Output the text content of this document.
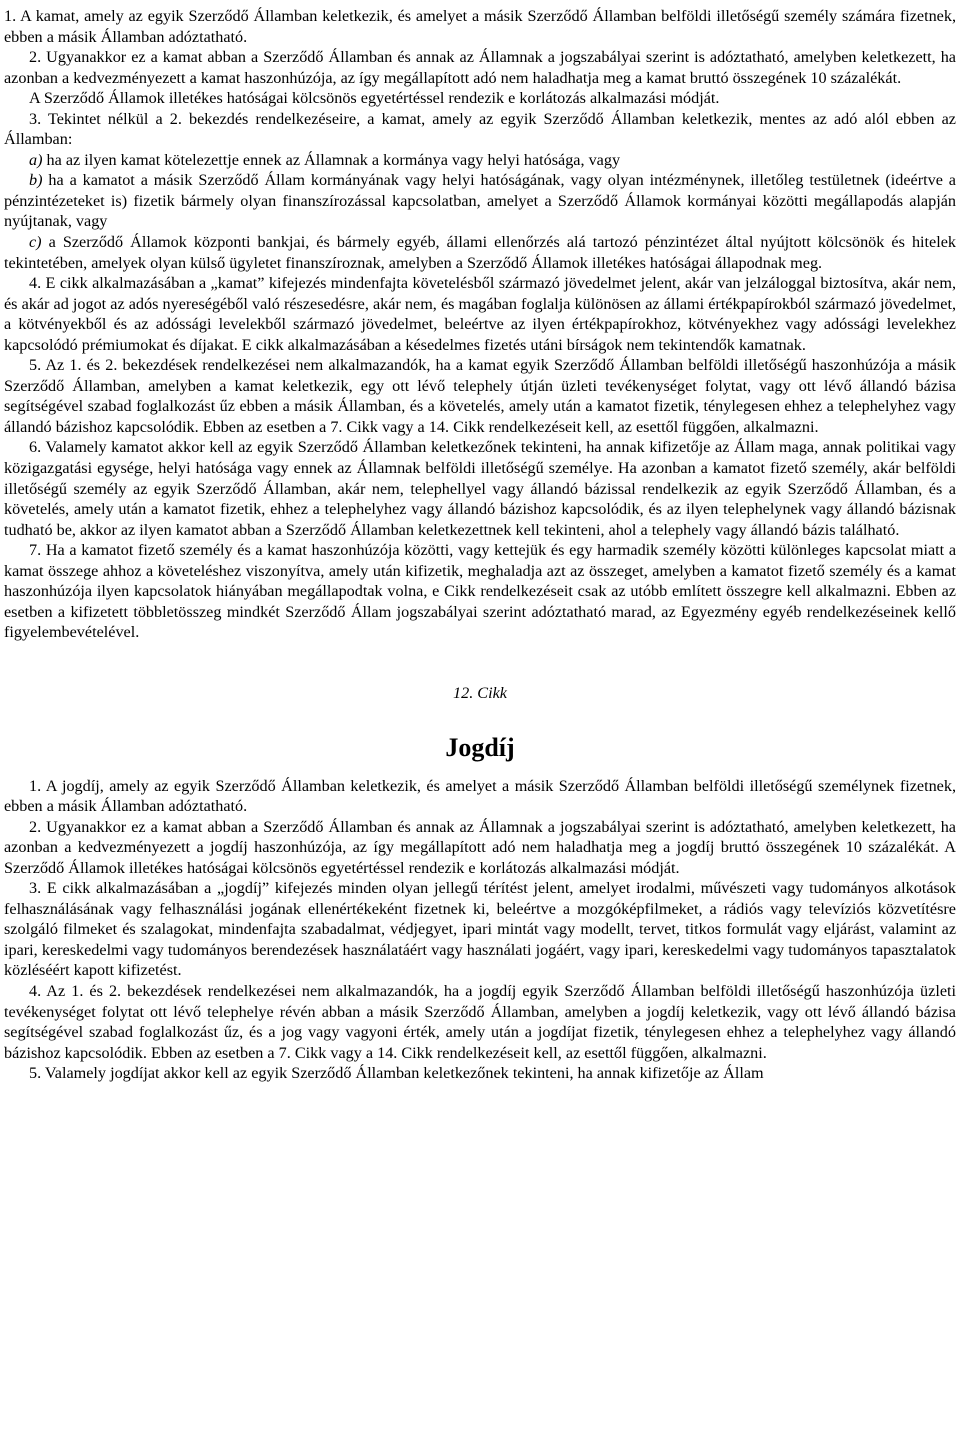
1. A kamat, amely az egyik Szerződő Államban keletkezik, és amelyet a másik Szerződő Államban belföldi illetőségű személy számára fizetnek, ebben a másik Államban adóztatható.

2. Ugyanakkor ez a kamat abban a Szerződő Államban és annak az Államnak a jogszabályai szerint is adóztatható, amelyben keletkezett, ha azonban a kedvezményezett a kamat haszonhúzója, az így megállapított adó nem haladhatja meg a kamat bruttó összegének 10 százalékát.

A Szerződő Államok illetékes hatóságai kölcsönös egyetértéssel rendezik e korlátozás alkalmazási módját.

3. Tekintet nélkül a 2. bekezdés rendelkezéseire, a kamat, amely az egyik Szerződő Államban keletkezik, mentes az adó alól ebben az Államban:

a) ha az ilyen kamat kötelezettje ennek az Államnak a kormánya vagy helyi hatósága, vagy

b) ha a kamatot a másik Szerződő Állam kormányának vagy helyi hatóságának, vagy olyan intézménynek, illetőleg testületnek (ideértve a pénzintézeteket is) fizetik bármely olyan finanszírozással kapcsolatban, amelyet a Szerződő Államok kormányai közötti megállapodás alapján nyújtanak, vagy

c) a Szerződő Államok központi bankjai, és bármely egyéb, állami ellenőrzés alá tartozó pénzintézet által nyújtott kölcsönök és hitelek tekintetében, amelyek olyan külső ügyletet finanszíroznak, amelyben a Szerződő Államok illetékes hatóságai állapodnak meg.

4. E cikk alkalmazásában a „kamat” kifejezés mindenfajta követelésből származó jövedelmet jelent, akár van jelzáloggal biztosítva, akár nem, és akár ad jogot az adós nyereségéből való részesedésre, akár nem, és magában foglalja különösen az állami értékpapírokból származó jövedelmet, a kötvényekből és az adóssági levelekből származó jövedelmet, beleértve az ilyen értékpapírokhoz, kötvényekhez vagy adóssági levelekhez kapcsolódó prémiumokat és díjakat. E cikk alkalmazásában a késedelmes fizetés utáni bírságok nem tekintendők kamatnak.

5. Az 1. és 2. bekezdések rendelkezései nem alkalmazandók, ha a kamat egyik Szerződő Államban belföldi illetőségű haszonhúzója a másik Szerződő Államban, amelyben a kamat keletkezik, egy ott lévő telephely útján üzleti tevékenységet folytat, vagy ott lévő állandó bázisa segítségével szabad foglalkozást űz ebben a másik Államban, és a követelés, amely után a kamatot fizetik, ténylegesen ehhez a telephelyhez vagy állandó bázishoz kapcsolódik. Ebben az esetben a 7. Cikk vagy a 14. Cikk rendelkezéseit kell, az esettől függően, alkalmazni.

6. Valamely kamatot akkor kell az egyik Szerződő Államban keletkezőnek tekinteni, ha annak kifizetője az Állam maga, annak politikai vagy közigazgatási egysége, helyi hatósága vagy ennek az Államnak belföldi illetőségű személye. Ha azonban a kamatot fizető személy, akár belföldi illetőségű személy az egyik Szerződő Államban, akár nem, telephellyel vagy állandó bázissal rendelkezik az egyik Szerződő Államban, és a követelés, amely után a kamatot fizetik, ehhez a telephelyhez vagy állandó bázishoz kapcsolódik, és az ilyen telephelynek vagy állandó bázisnak tudható be, akkor az ilyen kamatot abban a Szerződő Államban keletkezettnek kell tekinteni, ahol a telephely vagy állandó bázis található.

7. Ha a kamatot fizető személy és a kamat haszonhúzója közötti, vagy kettejük és egy harmadik személy közötti különleges kapcsolat miatt a kamat összege ahhoz a követeléshez viszonyítva, amely után kifizetik, meghaladja azt az összeget, amelyben a kamatot fizető személy és a kamat haszonhúzója ilyen kapcsolatok hiányában megállapodtak volna, e Cikk rendelkezéseit csak az utóbb említett összegre kell alkalmazni. Ebben az esetben a kifizetett többletösszeg mindkét Szerződő Állam jogszabályai szerint adóztatható marad, az Egyezmény egyéb rendelkezéseinek kellő figyelembevételével.

12. Cikk
Jogdíj

1. A jogdíj, amely az egyik Szerződő Államban keletkezik, és amelyet a másik Szerződő Államban belföldi illetőségű személynek fizetnek, ebben a másik Államban adóztatható.

2. Ugyanakkor ez a kamat abban a Szerződő Államban és annak az Államnak a jogszabályai szerint is adóztatható, amelyben keletkezett, ha azonban a kedvezményezett a jogdíj haszonhúzója, az így megállapított adó nem haladhatja meg a jogdíj bruttó összegének 10 százalékát. A Szerződő Államok illetékes hatóságai kölcsönös egyetértéssel rendezik e korlátozás alkalmazási módját.

3. E cikk alkalmazásában a „jogdíj” kifejezés minden olyan jellegű térítést jelent, amelyet irodalmi, művészeti vagy tudományos alkotások felhasználásának vagy felhasználási jogának ellenértékeként fizetnek ki, beleértve a mozgóképfilmeket, a rádiós vagy televíziós közvetítésre szolgáló filmeket és szalagokat, mindenfajta szabadalmat, védjegyet, ipari mintát vagy modellt, tervet, titkos formulát vagy eljárást, valamint az ipari, kereskedelmi vagy tudományos berendezések használatáért vagy használati jogáért, vagy ipari, kereskedelmi vagy tudományos tapasztalatok közléséért kapott kifizetést.

4. Az 1. és 2. bekezdések rendelkezései nem alkalmazandók, ha a jogdíj egyik Szerződő Államban belföldi illetőségű haszonhúzója üzleti tevékenységet folytat ott lévő telephelye révén abban a másik Szerződő Államban, amelyben a jogdíj keletkezik, vagy ott lévő állandó bázisa segítségével szabad foglalkozást űz, és a jog vagy vagyoni érték, amely után a jogdíjat fizetik, ténylegesen ehhez a telephelyhez vagy állandó bázishoz kapcsolódik. Ebben az esetben a 7. Cikk vagy a 14. Cikk rendelkezéseit kell, az esettől függően, alkalmazni.

5. Valamely jogdíjat akkor kell az egyik Szerződő Államban keletkezőnek tekinteni, ha annak kifizetője az Állam
